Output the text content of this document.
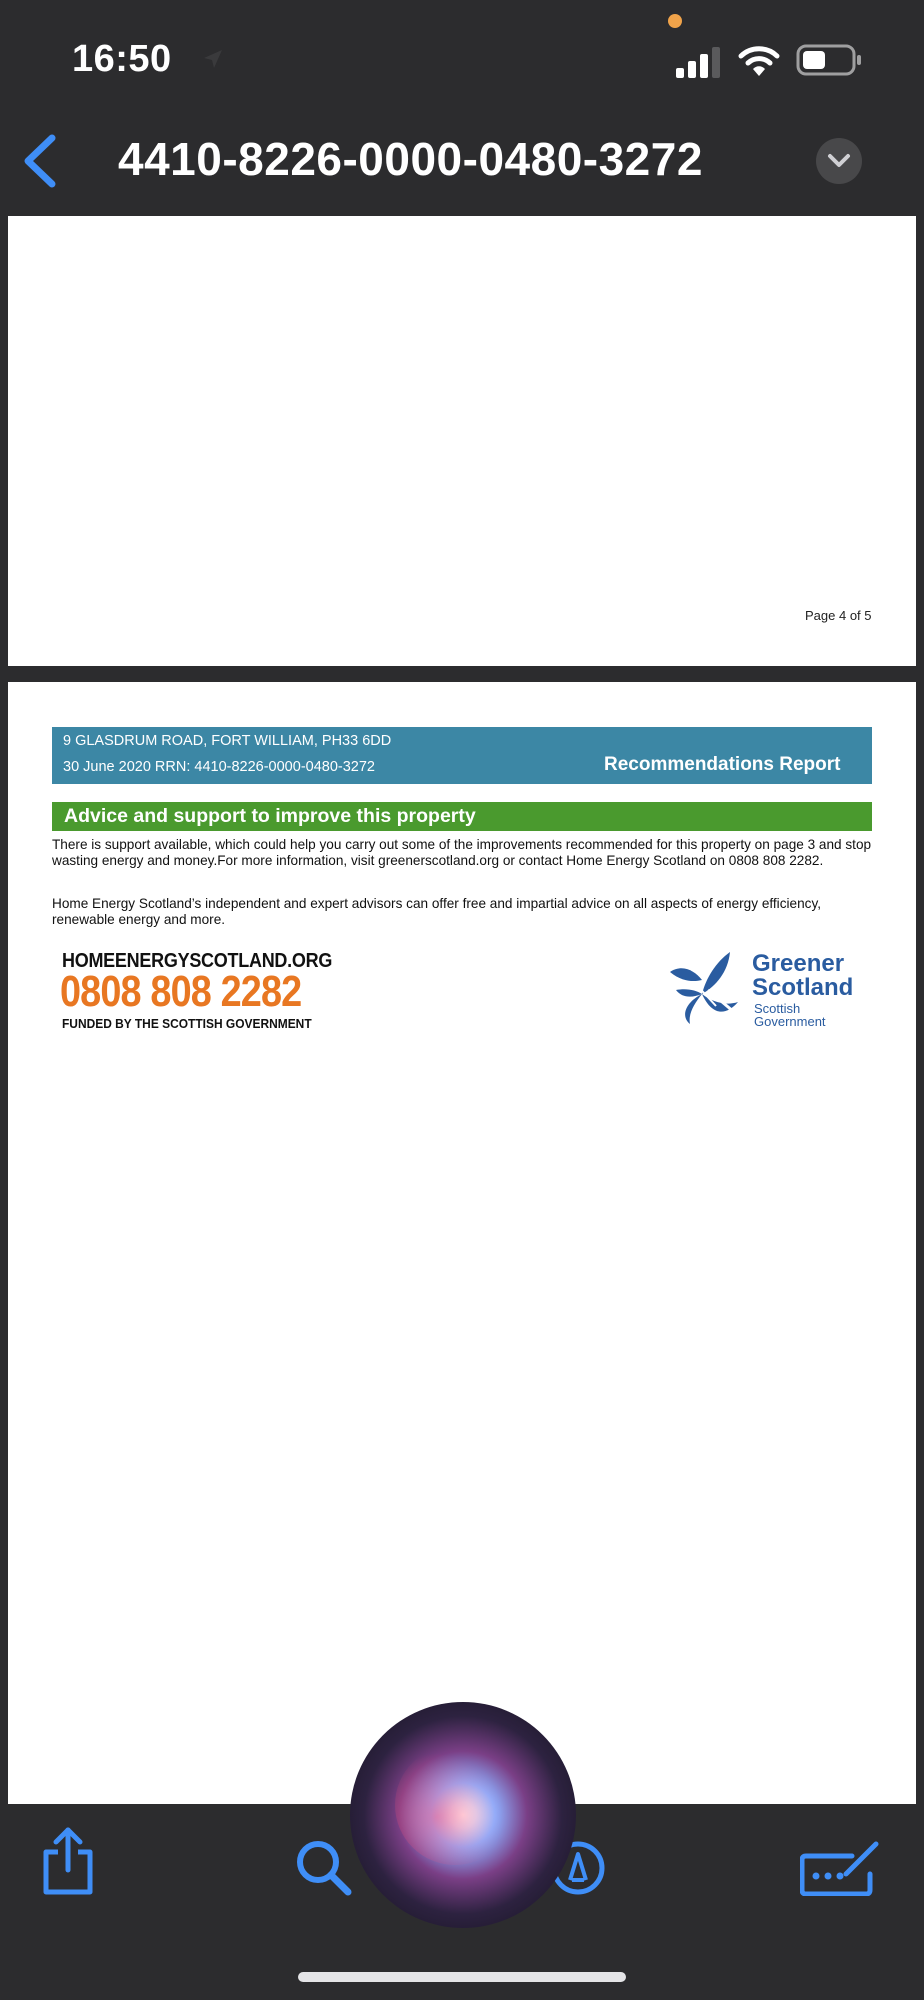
16:50
4410-8226-0000-0480-3272
Page 4 of 5
9 GLASDRUM ROAD, FORT WILLIAM, PH33 6DD
30 June 2020 RRN: 4410-8226-0000-0480-3272	Recommendations Report
Advice and support to improve this property

There is support available, which could help you carry out some of the improvements recommended for this property on page 3 and stop wasting energy and money.For more information, visit greenerscotland.org or contact Home Energy Scotland on 0808 808 2282.

Home Energy Scotland’s independent and expert advisors can offer free and impartial advice on all aspects of energy efficiency, renewable energy and more.

HOMEENERGYSCOTLAND.ORG
0808 808 2282
FUNDED BY THE SCOTTISH GOVERNMENT
Greener
Scotland
Scottish
Government
